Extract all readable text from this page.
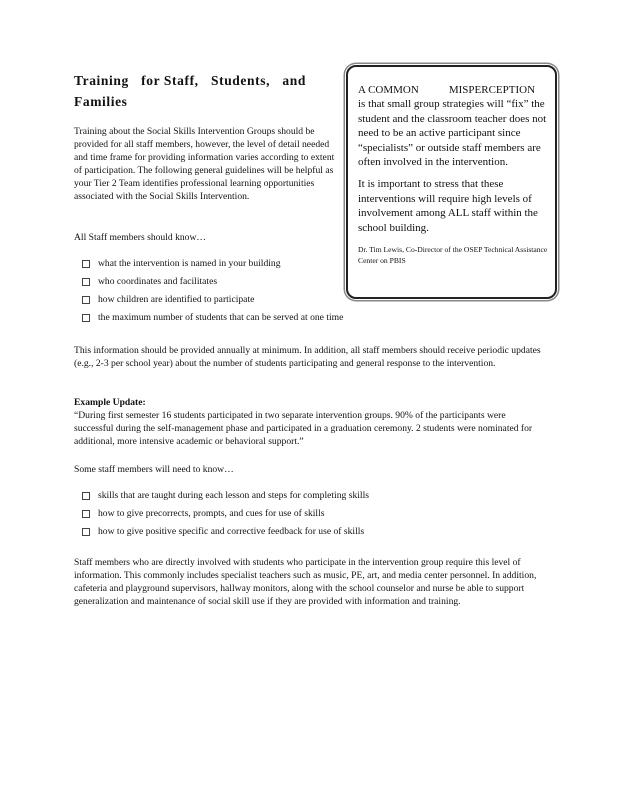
Training for Staff, Students, and
Families

Training about the Social Skills Intervention Groups should be provided for all staff members, however, the level of detail needed and time frame for providing information varies according to extent of participation. The following general guidelines will be helpful as your Tier 2 Team identifies professional learning opportunities associated with the Social Skills Intervention.

All Staff members should know…

what the intervention is named in your building
who coordinates and facilitates
how children are identified to participate
the maximum number of students that can be served at one time

This information should be provided annually at minimum. In addition, all staff members should receive periodic updates (e.g., 2-3 per school year) about the number of students participating and general response to the intervention.

Example Update:

“During first semester 16 students participated in two separate intervention groups. 90% of the participants were successful during the self-management phase and participated in a graduation ceremony. 2 students were nominated for additional, more intensive academic or behavioral support.”

Some staff members will need to know…

skills that are taught during each lesson and steps for completing skills
how to give precorrects, prompts, and cues for use of skills
how to give positive specific and corrective feedback for use of skills

Staff members who are directly involved with students who participate in the intervention group require this level of information. This commonly includes specialist teachers such as music, PE, art, and media center personnel. In addition, cafeteria and playground supervisors, hallway monitors, along with the school counselor and nurse be able to support generalization and maintenance of social skill use if they are provided with information and training.

A COMMON	MISPERCEPTION
is that small group strategies will “fix” the student and the classroom teacher does not need to be an active participant since “specialists” or outside staff members are often involved in the intervention.
It is important to stress that these interventions will require high levels of involvement among ALL staff within the school building.
Dr. Tim Lewis, Co-Director of the OSEP Technical Assistance Center on PBIS
